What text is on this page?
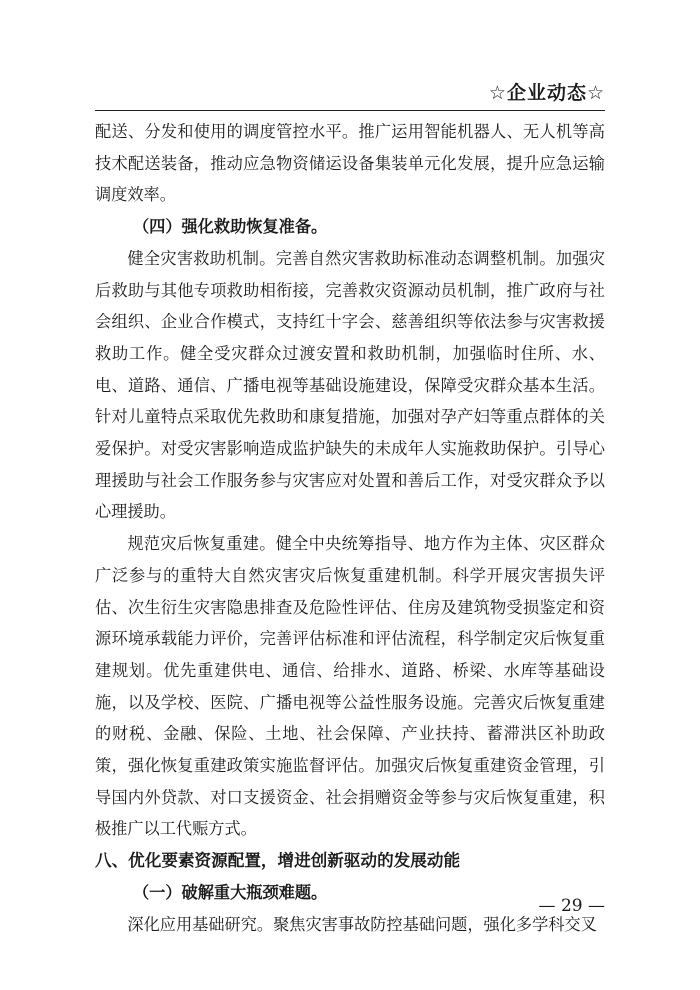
☆企业动态☆

配送、分发和使用的调度管控水平。推广运用智能机器人、无人机等高技术配送装备，推动应急物资储运设备集装单元化发展，提升应急运输调度效率。

（四）强化救助恢复准备。

健全灾害救助机制。完善自然灾害救助标准动态调整机制。加强灾后救助与其他专项救助相衔接，完善救灾资源动员机制，推广政府与社会组织、企业合作模式，支持红十字会、慈善组织等依法参与灾害救援救助工作。健全受灾群众过渡安置和救助机制，加强临时住所、水、电、道路、通信、广播电视等基础设施建设，保障受灾群众基本生活。针对儿童特点采取优先救助和康复措施，加强对孕产妇等重点群体的关爱保护。对受灾害影响造成监护缺失的未成年人实施救助保护。引导心理援助与社会工作服务参与灾害应对处置和善后工作，对受灾群众予以心理援助。

规范灾后恢复重建。健全中央统筹指导、地方作为主体、灾区群众广泛参与的重特大自然灾害灾后恢复重建机制。科学开展灾害损失评估、次生衍生灾害隐患排查及危险性评估、住房及建筑物受损鉴定和资源环境承载能力评价，完善评估标准和评估流程，科学制定灾后恢复重建规划。优先重建供电、通信、给排水、道路、桥梁、水库等基础设施，以及学校、医院、广播电视等公益性服务设施。完善灾后恢复重建的财税、金融、保险、土地、社会保障、产业扶持、蓄滞洪区补助政策，强化恢复重建政策实施监督评估。加强灾后恢复重建资金管理，引导国内外贷款、对口支援资金、社会捐赠资金等参与灾后恢复重建，积极推广以工代赈方式。

八、优化要素资源配置，增进创新驱动的发展动能

（一）破解重大瓶颈难题。

深化应用基础研究。聚焦灾害事故防控基础问题，强化多学科交叉

— 29 —
